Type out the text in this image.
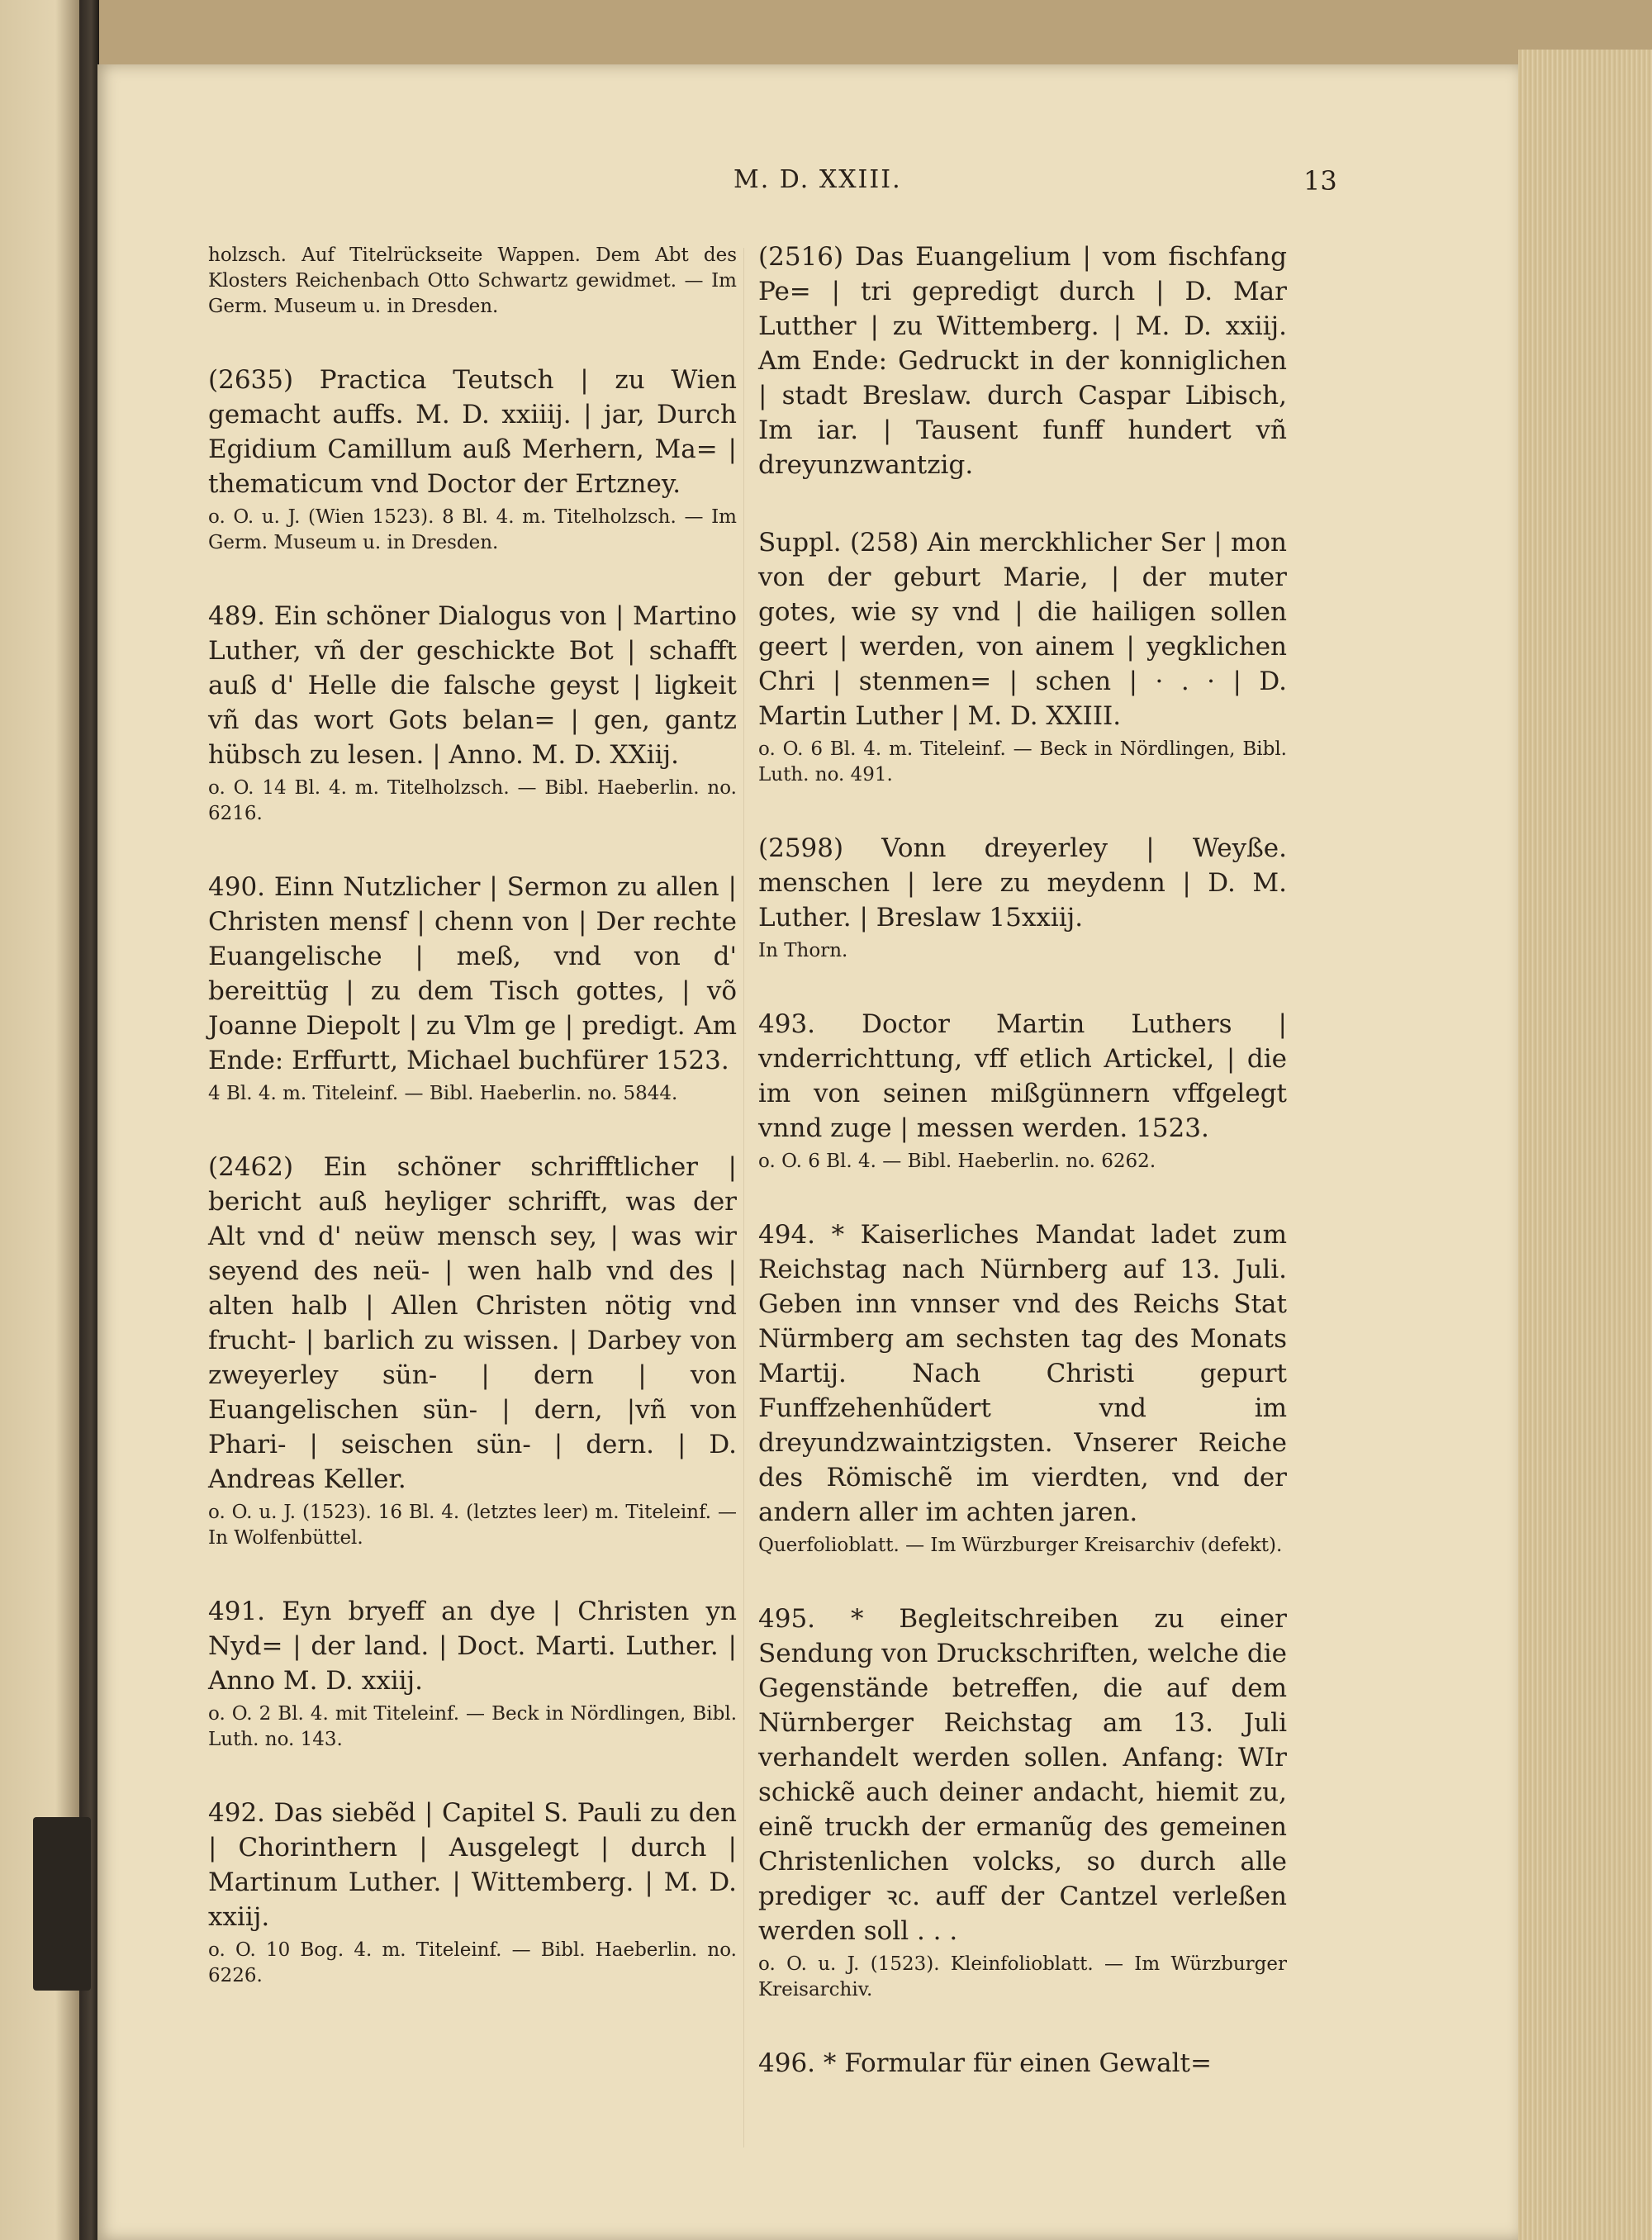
M. D. XXIII.	13

holzsch. Auf Titelrückseite Wappen. Dem Abt des Klosters Reichenbach Otto Schwartz gewidmet. — Im Germ. Museum u. in Dresden.

(2635) Practica Teutsch | zu Wien gemacht auffs. M. D. xxiiij. | jar, Durch Egidium Camillum auß Merhern, Ma= | thematicum vnd Doctor der Ertzney.

o. O. u. J. (Wien 1523). 8 Bl. 4. m. Titelholzsch. — Im Germ. Museum u. in Dresden.

489. Ein schöner Dialogus von | Martino Luther, vñ der geschickte Bot | schafft auß d' Helle die falsche geyst | ligkeit vñ das wort Gots belan= | gen, gantz hübsch zu lesen. | Anno. M. D. XXiij.

o. O. 14 Bl. 4. m. Titelholzsch. — Bibl. Haeberlin. no. 6216.

490. Einn Nutzlicher | Sermon zu allen | Christen mensf | chenn von | Der rechte Euangelische | meß, vnd von d' bereittüg | zu dem Tisch gottes, | võ Joanne Diepolt | zu Vlm ge | predigt. Am Ende: Erffurtt, Michael buchfürer 1523.

4 Bl. 4. m. Titeleinf. — Bibl. Haeberlin. no. 5844.

(2462) Ein schöner schrifftlicher | bericht auß heyliger schrifft, was der Alt vnd d' neüw mensch sey, | was wir seyend des neü- | wen halb vnd des | alten halb | Allen Christen nötig vnd frucht- | barlich zu wissen. | Darbey von zweyerley sün- | dern | von Euangelischen sün- | dern, |vñ von Phari- | seischen sün- | dern. | D. Andreas Keller.

o. O. u. J. (1523). 16 Bl. 4. (letztes leer) m. Titeleinf. — In Wolfenbüttel.

491. Eyn bryeff an dye | Christen yn Nyd= | der land. | Doct. Marti. Luther. | Anno M. D. xxiij.

o. O. 2 Bl. 4. mit Titeleinf. — Beck in Nördlingen, Bibl. Luth. no. 143.

492. Das siebẽd | Capitel S. Pauli zu den | Chorinthern | Ausgelegt | durch | Martinum Luther. | Wittemberg. | M. D. xxiij.

o. O. 10 Bog. 4. m. Titeleinf. — Bibl. Haeberlin. no. 6226.

(2516) Das Euangelium | vom fischfang Pe= | tri gepredigt durch | D. Mar Lutther | zu Wittemberg. | M. D. xxiij. Am Ende: Gedruckt in der konniglichen | stadt Breslaw. durch Caspar Libisch, Im iar. | Tausent funff hundert vñ dreyunzwantzig.

Suppl. (258) Ain merckhlicher Ser | mon von der geburt Marie, | der muter gotes, wie sy vnd | die hailigen sollen geert | werden, von ainem | yegklichen Chri | stenmen= | schen | · . · | D. Martin Luther | M. D. XXIII.

o. O. 6 Bl. 4. m. Titeleinf. — Beck in Nördlingen, Bibl. Luth. no. 491.

(2598) Vonn dreyerley | Weyße. menschen | lere zu meydenn | D. M. Luther. | Breslaw 15xxiij.

In Thorn.

493. Doctor Martin Luthers | vnderrichttung, vff etlich Artickel, | die im von seinen mißgünnern vffgelegt vnnd zuge | messen werden. 1523.

o. O. 6 Bl. 4. — Bibl. Haeberlin. no. 6262.

494. * Kaiserliches Mandat ladet zum Reichstag nach Nürnberg auf 13. Juli. Geben inn vnnser vnd des Reichs Stat Nürmberg am sechsten tag des Monats Martij. Nach Christi gepurt Funffzehenhũdert vnd im dreyundzwaintzigsten. Vnserer Reiche des Römischẽ im vierdten, vnd der andern aller im achten jaren.

Querfolioblatt. — Im Würzburger Kreisarchiv (defekt).

495. * Begleitschreiben zu einer Sendung von Druckschriften, welche die Gegenstände betreffen, die auf dem Nürnberger Reichstag am 13. Juli verhandelt werden sollen. Anfang: WIr schickẽ auch deiner andacht, hiemit zu, einẽ truckh der ermanũg des gemeinen Christenlichen volcks, so durch alle prediger ꝛc. auff der Cantzel verleßen werden soll . . .

o. O. u. J. (1523). Kleinfolioblatt. — Im Würzburger Kreisarchiv.

496. * Formular für einen Gewalt=
